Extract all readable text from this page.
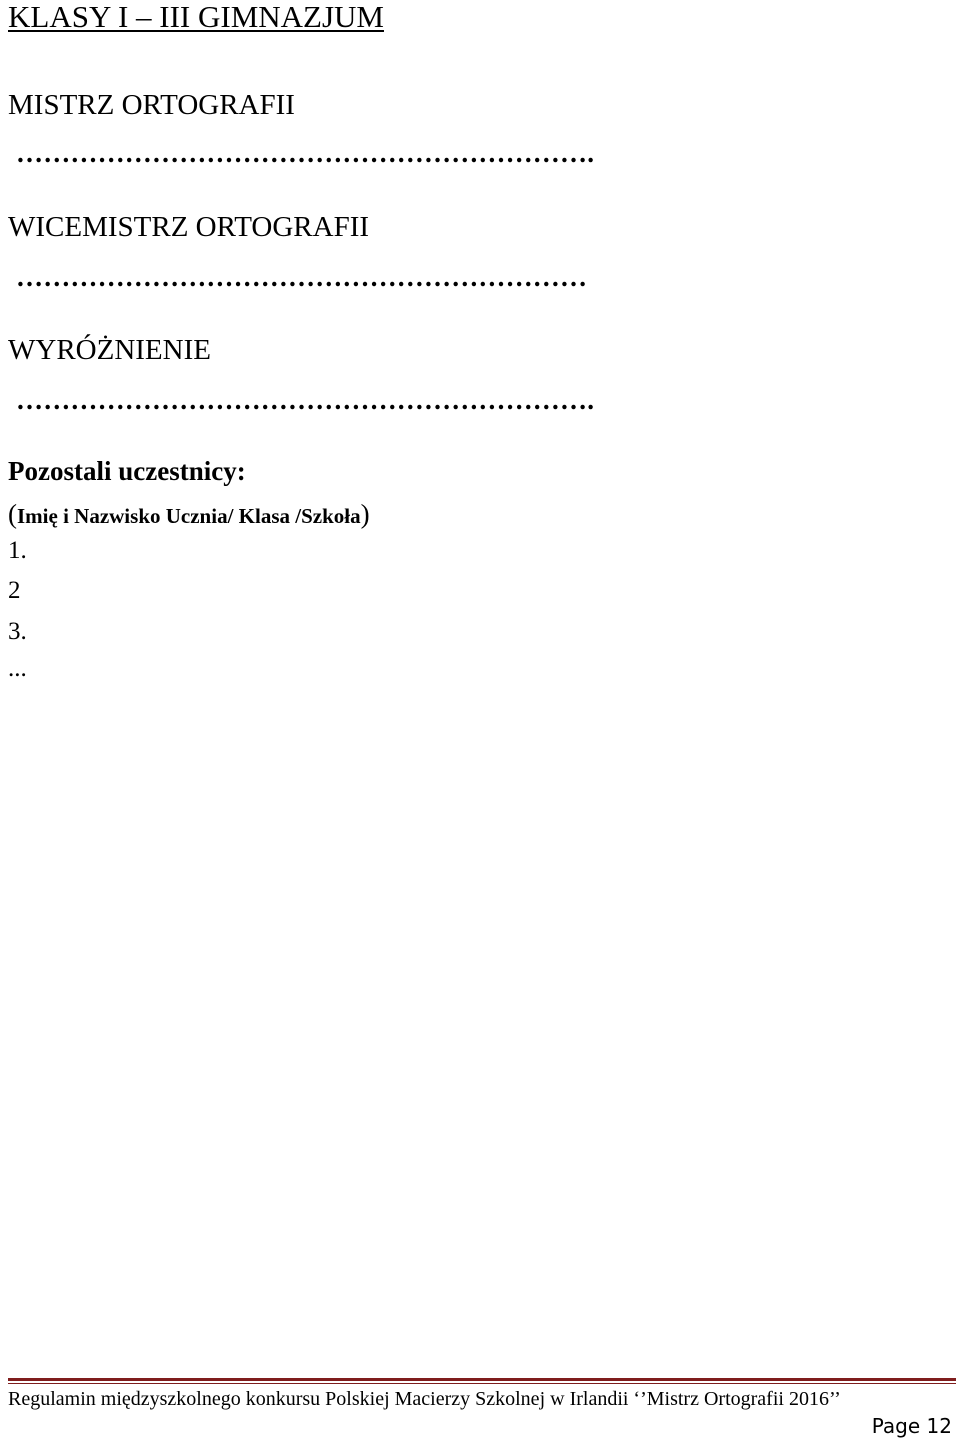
KLASY I – III GIMNAZJUM
MISTRZ ORTOGRAFII
……………………………………………………….
WICEMISTRZ ORTOGRAFII
………………………………………………………
WYRÓŻNIENIE
……………………………………………………….
Pozostali uczestnicy:
(Imię i Nazwisko Ucznia/ Klasa /Szkoła)
1.
2
3.
...
Regulamin międzyszkolnego konkursu Polskiej Macierzy Szkolnej w Irlandii ‘’Mistrz Ortografii 2016’’
Page 12
